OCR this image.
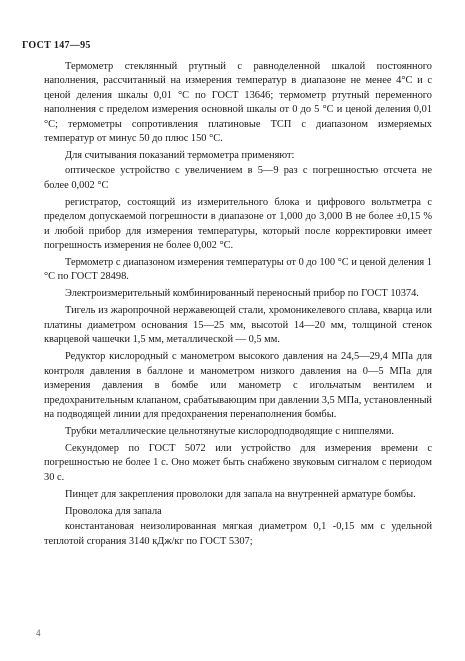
ГОСТ 147—95

Термометр стеклянный ртутный с равноделенной шкалой постоянного наполнения, рассчитанный на измерения температур в диапазоне не менее 4°С и с ценой деления шкалы 0,01 °С по ГОСТ 13646; термометр ртутный переменного наполнения с пределом измерения основной шкалы от 0 до 5 °С и ценой деления 0,01 °С; термометры сопротивления платиновые ТСП с диапазоном измеряемых температур от минус 50 до плюс 150 °С.

Для считывания показаний термометра применяют:

оптическое устройство с увеличением в 5—9 раз с погрешностью отсчета не более 0,002 °С

регистратор, состоящий из измерительного блока и цифрового вольтметра с пределом допускаемой погрешности в диапазоне от 1,000 до 3,000 В не более ±0,15 % и любой прибор для измерения температуры, который после корректировки имеет погрешность измерения не более 0,002 °С.

Термометр с диапазоном измерения температуры от 0 до 100 °С и ценой деления 1 °С по ГОСТ 28498.

Электроизмерительный комбинированный переносный прибор по ГОСТ 10374.

Тигель из жаропрочной нержавеющей стали, хромоникелевого сплава, кварца или платины диаметром основания 15—25 мм, высотой 14—20 мм, толщиной стенок кварцевой чашечки 1,5 мм, металлической — 0,5 мм.

Редуктор кислородный с манометром высокого давления на 24,5—29,4 МПа для контроля давления в баллоне и манометром низкого давления на 0—5 МПа для измерения давления в бомбе или манометр с игольчатым вентилем и предохранительным клапаном, срабатывающим при давлении 3,5 МПа, установленный на подводящей линии для предохранения перенаполнения бомбы.

Трубки металлические цельнотянутые кислородподводящие с ниппелями.

Секундомер по ГОСТ 5072 или устройство для измерения времени с погрешностью не более 1 с. Оно может быть снабжено звуковым сигналом с периодом 30 с.

Пинцет для закрепления проволоки для запала на внутренней арматуре бомбы.

Проволока для запала

константановая неизолированная мягкая диаметром 0,1 -0,15 мм с удельной теплотой сгорания 3140 кДж/кг по ГОСТ 5307;

4
